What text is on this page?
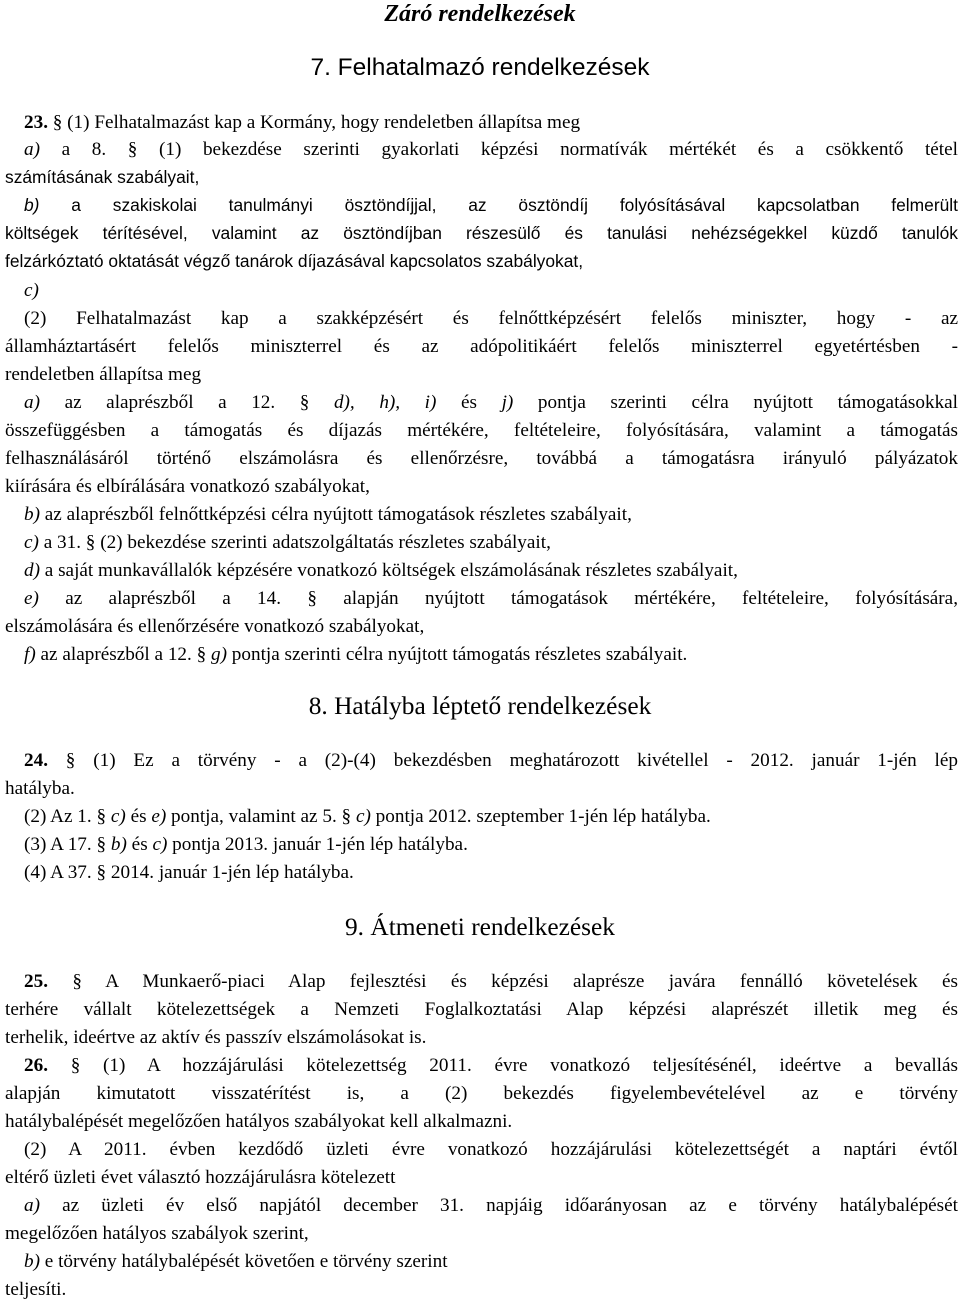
Záró rendelkezések
7. Felhatalmazó rendelkezések
23. § (1) Felhatalmazást kap a Kormány, hogy rendeletben állapítsa meg
a) a 8. § (1) bekezdése szerinti gyakorlati képzési normatívák mértékét és a csökkentő tétel
számításának szabályait,
b) a szakiskolai tanulmányi ösztöndíjjal, az ösztöndíj folyósításával kapcsolatban felmerült
költségek térítésével, valamint az ösztöndíjban részesülő és tanulási nehézségekkel küzdő tanulók
felzárkóztató oktatását végző tanárok díjazásával kapcsolatos szabályokat,
c)
(2) Felhatalmazást kap a szakképzésért és felnőttképzésért felelős miniszter, hogy - az
államháztartásért felelős miniszterrel és az adópolitikáért felelős miniszterrel egyetértésben -
rendeletben állapítsa meg
a) az alaprészből a 12. § d), h), i) és j) pontja szerinti célra nyújtott támogatásokkal
összefüggésben a támogatás és díjazás mértékére, feltételeire, folyósítására, valamint a támogatás
felhasználásáról történő elszámolásra és ellenőrzésre, továbbá a támogatásra irányuló pályázatok
kiírására és elbírálására vonatkozó szabályokat,
b) az alaprészből felnőttképzési célra nyújtott támogatások részletes szabályait,
c) a 31. § (2) bekezdése szerinti adatszolgáltatás részletes szabályait,
d) a saját munkavállalók képzésére vonatkozó költségek elszámolásának részletes szabályait,
e) az alaprészből a 14. § alapján nyújtott támogatások mértékére, feltételeire, folyósítására,
elszámolására és ellenőrzésére vonatkozó szabályokat,
f) az alaprészből a 12. § g) pontja szerinti célra nyújtott támogatás részletes szabályait.
8. Hatályba léptető rendelkezések
24. § (1) Ez a törvény - a (2)-(4) bekezdésben meghatározott kivétellel - 2012. január 1-jén lép
hatályba.
(2) Az 1. § c) és e) pontja, valamint az 5. § c) pontja 2012. szeptember 1-jén lép hatályba.
(3) A 17. § b) és c) pontja 2013. január 1-jén lép hatályba.
(4) A 37. § 2014. január 1-jén lép hatályba.
9. Átmeneti rendelkezések
25. § A Munkaerő-piaci Alap fejlesztési és képzési alaprésze javára fennálló követelések és
terhére vállalt kötelezettségek a Nemzeti Foglalkoztatási Alap képzési alaprészét illetik meg és
terhelik, ideértve az aktív és passzív elszámolásokat is.
26. § (1) A hozzájárulási kötelezettség 2011. évre vonatkozó teljesítésénél, ideértve a bevallás
alapján kimutatott visszatérítést is, a (2) bekezdés figyelembevételével az e törvény
hatálybalépését megelőzően hatályos szabályokat kell alkalmazni.
(2) A 2011. évben kezdődő üzleti évre vonatkozó hozzájárulási kötelezettségét a naptári évtől
eltérő üzleti évet választó hozzájárulásra kötelezett
a) az üzleti év első napjától december 31. napjáig időarányosan az e törvény hatálybalépését
megelőzően hatályos szabályok szerint,
b) e törvény hatálybalépését követően e törvény szerint
teljesíti.
